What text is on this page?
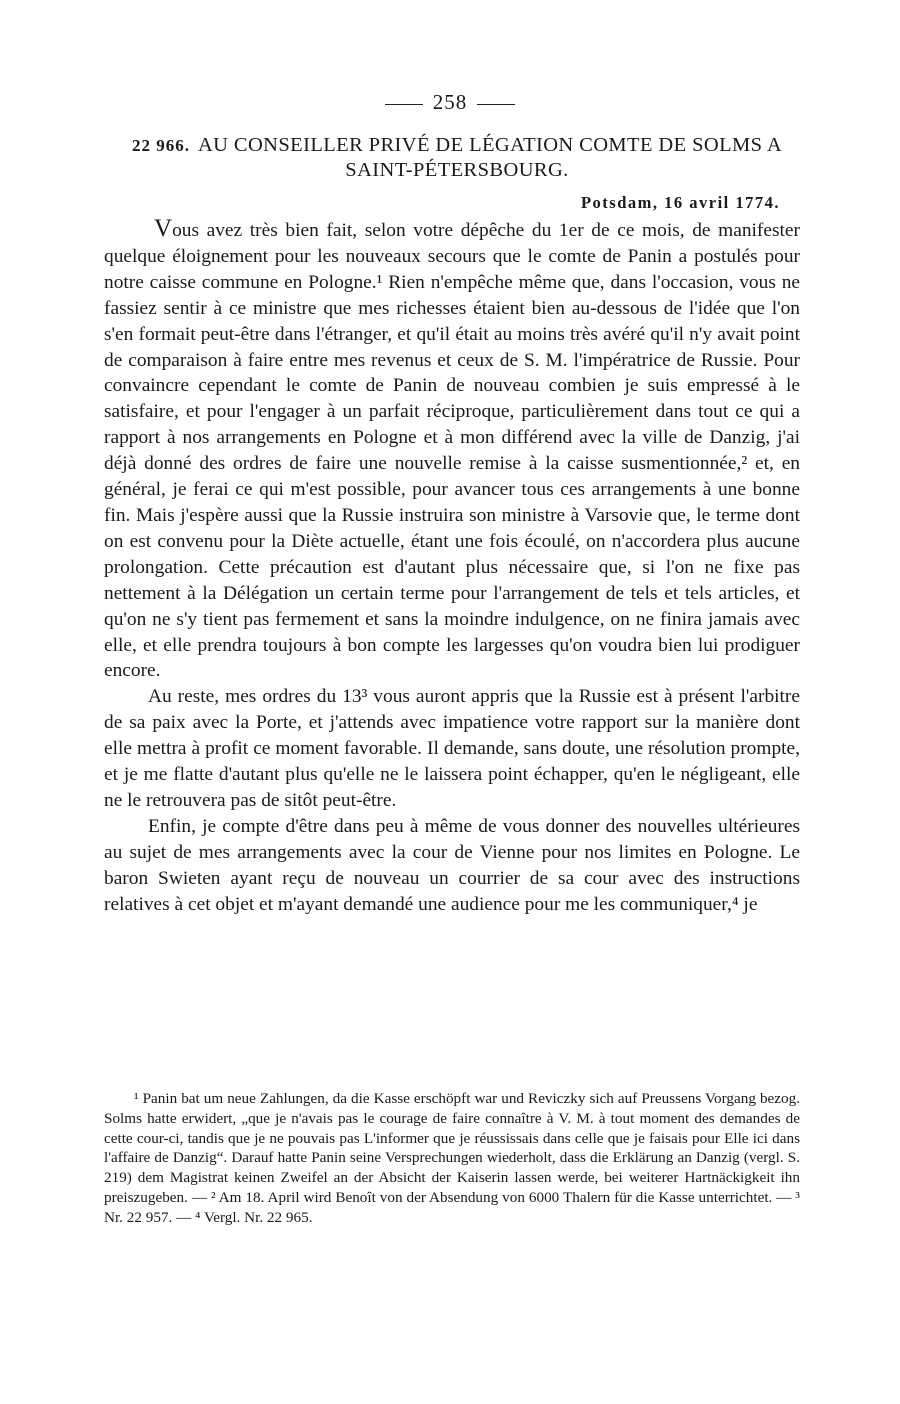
258
22 966. AU CONSEILLER PRIVÉ DE LÉGATION COMTE DE SOLMS A SAINT-PÉTERSBOURG.
Potsdam, 16 avril 1774.

Vous avez très bien fait, selon votre dépêche du 1er de ce mois, de manifester quelque éloignement pour les nouveaux secours que le comte de Panin a postulés pour notre caisse commune en Pologne.¹ Rien n'empêche même que, dans l'occasion, vous ne fassiez sentir à ce ministre que mes richesses étaient bien au-dessous de l'idée que l'on s'en formait peut-être dans l'étranger, et qu'il était au moins très avéré qu'il n'y avait point de comparaison à faire entre mes revenus et ceux de S. M. l'impératrice de Russie. Pour convaincre cependant le comte de Panin de nouveau combien je suis empressé à le satisfaire, et pour l'engager à un parfait réciproque, particulièrement dans tout ce qui a rapport à nos arrangements en Pologne et à mon différend avec la ville de Danzig, j'ai déjà donné des ordres de faire une nouvelle remise à la caisse susmentionnée,² et, en général, je ferai ce qui m'est possible, pour avancer tous ces arrangements à une bonne fin. Mais j'espère aussi que la Russie instruira son ministre à Varsovie que, le terme dont on est convenu pour la Diète actuelle, étant une fois écoulé, on n'accordera plus aucune prolongation. Cette précaution est d'autant plus nécessaire que, si l'on ne fixe pas nettement à la Délégation un certain terme pour l'arrangement de tels et tels articles, et qu'on ne s'y tient pas fermement et sans la moindre indulgence, on ne finira jamais avec elle, et elle prendra toujours à bon compte les largesses qu'on voudra bien lui prodiguer encore.

Au reste, mes ordres du 13³ vous auront appris que la Russie est à présent l'arbitre de sa paix avec la Porte, et j'attends avec impatience votre rapport sur la manière dont elle mettra à profit ce moment favorable. Il demande, sans doute, une résolution prompte, et je me flatte d'autant plus qu'elle ne le laissera point échapper, qu'en le négligeant, elle ne le retrouvera pas de sitôt peut-être.

Enfin, je compte d'être dans peu à même de vous donner des nouvelles ultérieures au sujet de mes arrangements avec la cour de Vienne pour nos limites en Pologne. Le baron Swieten ayant reçu de nouveau un courrier de sa cour avec des instructions relatives à cet objet et m'ayant demandé une audience pour me les communiquer,⁴ je

¹ Panin bat um neue Zahlungen, da die Kasse erschöpft war und Reviczky sich auf Preussens Vorgang bezog. Solms hatte erwidert, „que je n'avais pas le courage de faire connaître à V. M. à tout moment des demandes de cette cour-ci, tandis que je ne pouvais pas L'informer que je réussissais dans celle que je faisais pour Elle ici dans l'affaire de Danzig“. Darauf hatte Panin seine Versprechungen wiederholt, dass die Erklärung an Danzig (vergl. S. 219) dem Magistrat keinen Zweifel an der Absicht der Kaiserin lassen werde, bei weiterer Hartnäckigkeit ihn preiszugeben. — ² Am 18. April wird Benoît von der Absendung von 6000 Thalern für die Kasse unterrichtet. — ³ Nr. 22 957. — ⁴ Vergl. Nr. 22 965.
